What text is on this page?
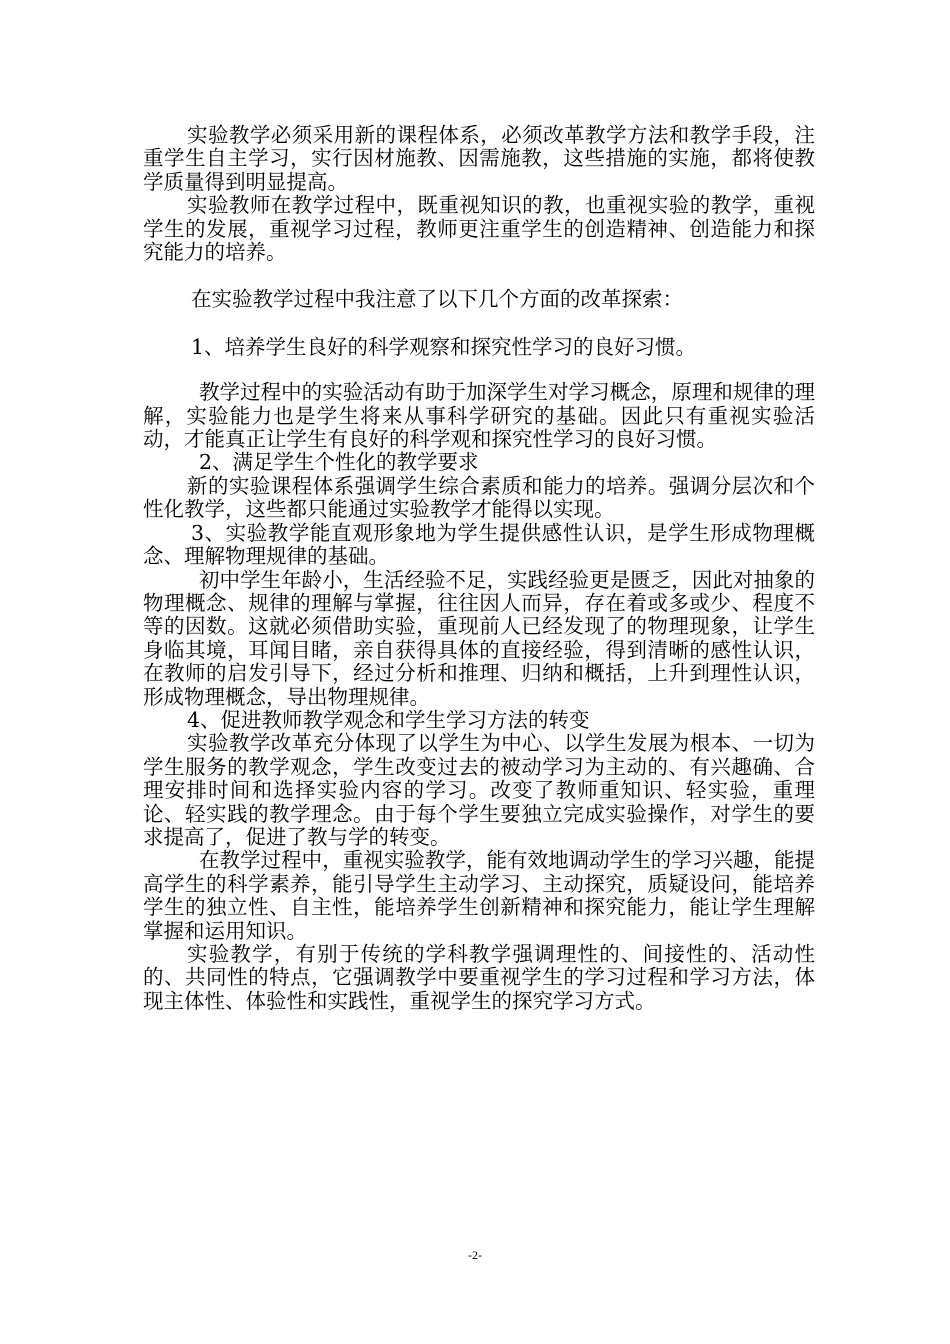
实验教学必须采用新的课程体系，必须改革教学方法和教学手段，注重学生自主学习，实行因材施教、因需施教，这些措施的实施，都将使教学质量得到明显提高。

实验教师在教学过程中，既重视知识的教，也重视实验的教学，重视学生的发展，重视学习过程，教师更注重学生的创造精神、创造能力和探究能力的培养。

在实验教学过程中我注意了以下几个方面的改革探索：

1、培养学生良好的科学观察和探究性学习的良好习惯。

教学过程中的实验活动有助于加深学生对学习概念，原理和规律的理解，实验能力也是学生将来从事科学研究的基础。因此只有重视实验活动，才能真正让学生有良好的科学观和探究性学习的良好习惯。

2、满足学生个性化的教学要求

新的实验课程体系强调学生综合素质和能力的培养。强调分层次和个性化教学，这些都只能通过实验教学才能得以实现。

3、实验教学能直观形象地为学生提供感性认识，是学生形成物理概念、理解物理规律的基础。

初中学生年龄小，生活经验不足，实践经验更是匮乏，因此对抽象的物理概念、规律的理解与掌握，往往因人而异，存在着或多或少、程度不等的因数。这就必须借助实验，重现前人已经发现了的物理现象，让学生身临其境，耳闻目睹，亲自获得具体的直接经验，得到清晰的感性认识，在教师的启发引导下，经过分析和推理、归纳和概括，上升到理性认识，形成物理概念，导出物理规律。

4、促进教师教学观念和学生学习方法的转变

实验教学改革充分体现了以学生为中心、以学生发展为根本、一切为学生服务的教学观念，学生改变过去的被动学习为主动的、有兴趣确、合理安排时间和选择实验内容的学习。改变了教师重知识、轻实验，重理论、轻实践的教学理念。由于每个学生要独立完成实验操作，对学生的要求提高了，促进了教与学的转变。

在教学过程中，重视实验教学，能有效地调动学生的学习兴趣，能提高学生的科学素养，能引导学生主动学习、主动探究，质疑设问，能培养学生的独立性、自主性，能培养学生创新精神和探究能力，能让学生理解掌握和运用知识。

实验教学，有别于传统的学科教学强调理性的、间接性的、活动性的、共同性的特点，它强调教学中要重视学生的学习过程和学习方法，体现主体性、体验性和实践性，重视学生的探究学习方式。

-2-
